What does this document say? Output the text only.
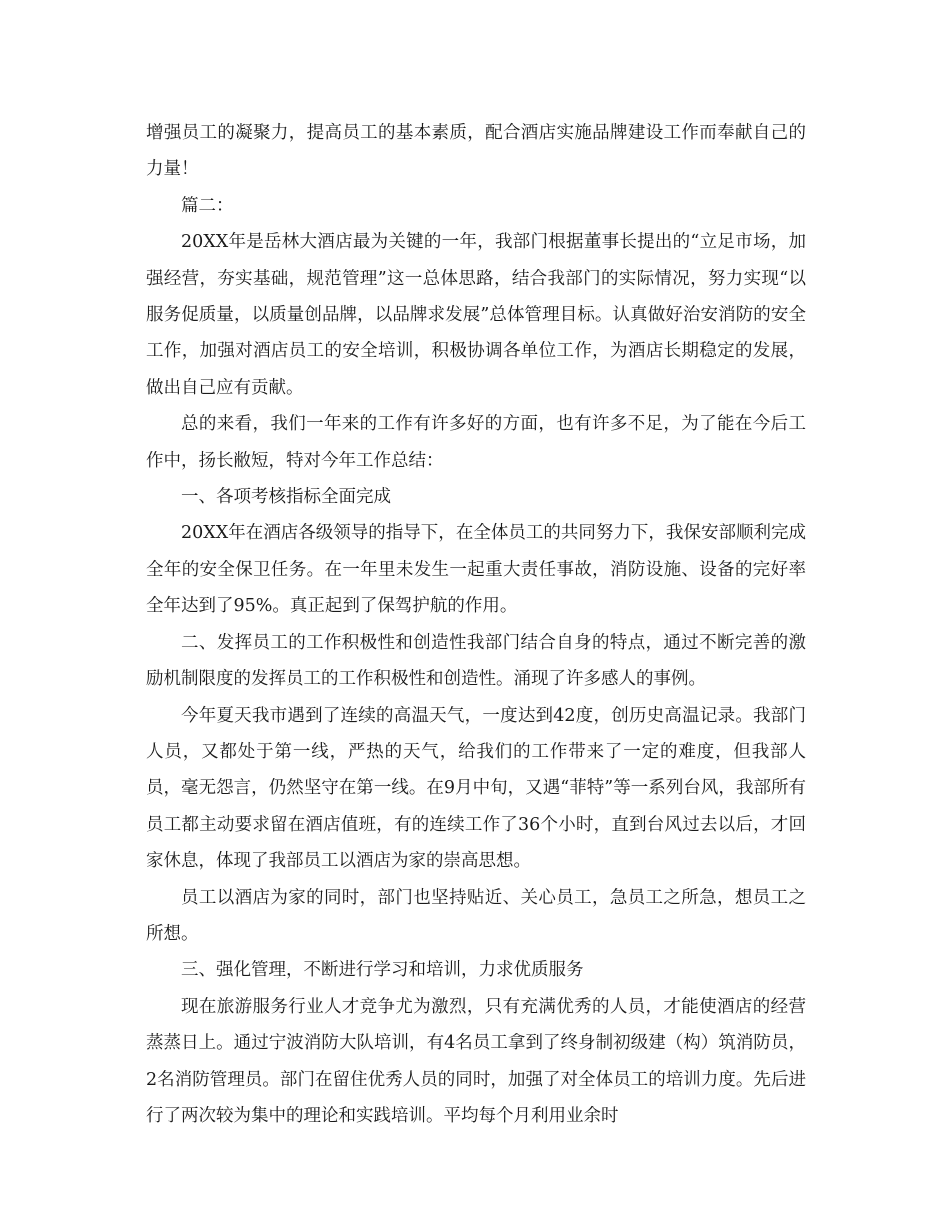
增强员工的凝聚力，提高员工的基本素质，配合酒店实施品牌建设工作而奉献自己的力量！

篇二：

20XX年是岳林大酒店最为关键的一年，我部门根据董事长提出的“立足市场，加强经营，夯实基础，规范管理”这一总体思路，结合我部门的实际情况，努力实现“以服务促质量，以质量创品牌，以品牌求发展”总体管理目标。认真做好治安消防的安全工作，加强对酒店员工的安全培训，积极协调各单位工作，为酒店长期稳定的发展，做出自己应有贡献。

总的来看，我们一年来的工作有许多好的方面，也有许多不足，为了能在今后工作中，扬长敝短，特对今年工作总结：

一、各项考核指标全面完成

20XX年在酒店各级领导的指导下，在全体员工的共同努力下，我保安部顺利完成全年的安全保卫任务。在一年里未发生一起重大责任事故，消防设施、设备的完好率全年达到了95%。真正起到了保驾护航的作用。

二、发挥员工的工作积极性和创造性我部门结合自身的特点，通过不断完善的激励机制限度的发挥员工的工作积极性和创造性。涌现了许多感人的事例。

今年夏天我市遇到了连续的高温天气，一度达到42度，创历史高温记录。我部门人员，又都处于第一线，严热的天气，给我们的工作带来了一定的难度，但我部人员，毫无怨言，仍然坚守在第一线。在9月中旬，又遇“菲特”等一系列台风，我部所有员工都主动要求留在酒店值班，有的连续工作了36个小时，直到台风过去以后，才回家休息，体现了我部员工以酒店为家的崇高思想。

员工以酒店为家的同时，部门也坚持贴近、关心员工，急员工之所急，想员工之所想。

三、强化管理，不断进行学习和培训，力求优质服务

现在旅游服务行业人才竞争尤为激烈，只有充满优秀的人员，才能使酒店的经营蒸蒸日上。通过宁波消防大队培训，有4名员工拿到了终身制初级建（构）筑消防员，2名消防管理员。部门在留住优秀人员的同时，加强了对全体员工的培训力度。先后进行了两次较为集中的理论和实践培训。平均每个月利用业余时
